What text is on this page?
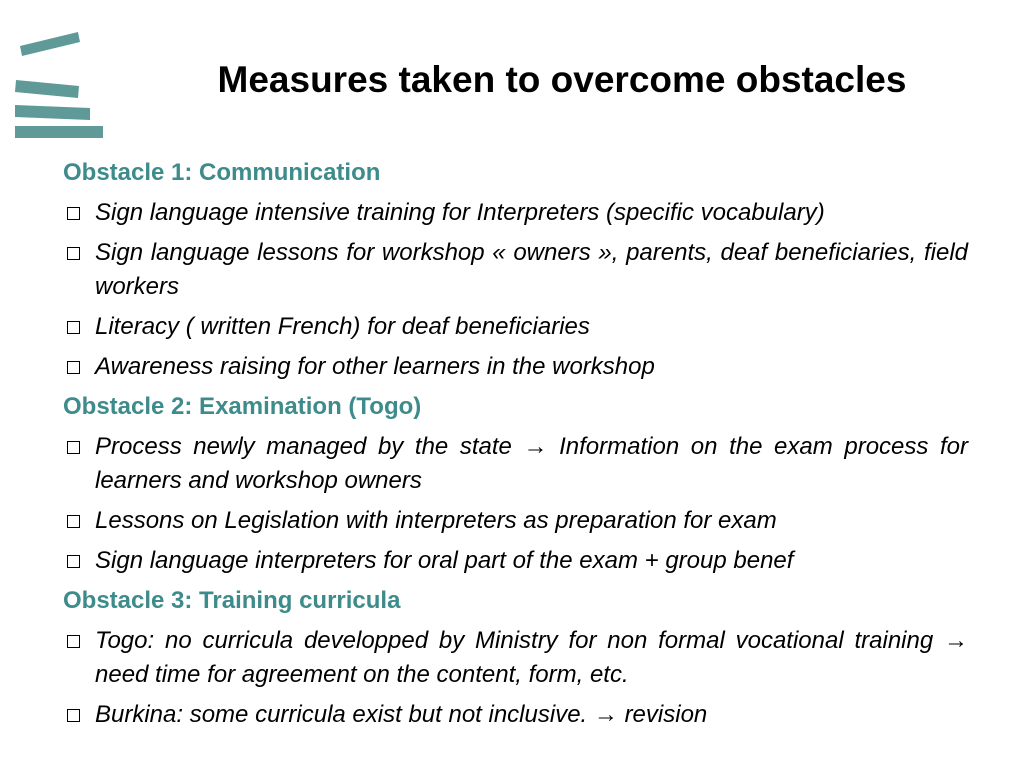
Measures taken to overcome obstacles
Obstacle 1: Communication
Sign language intensive training for Interpreters (specific vocabulary)
Sign language lessons for workshop « owners », parents, deaf beneficiaries, field workers
Literacy ( written French) for deaf beneficiaries
Awareness raising for other learners in the workshop
Obstacle 2: Examination (Togo)
Process newly managed by the state → Information on the exam process for learners and workshop owners
Lessons on Legislation with interpreters as preparation for exam
Sign language interpreters for oral part of the exam + group benef
Obstacle 3: Training curricula
Togo: no curricula developped by Ministry for non formal vocational training → need time for agreement on the content, form, etc.
Burkina: some curricula exist but not inclusive. → revision
